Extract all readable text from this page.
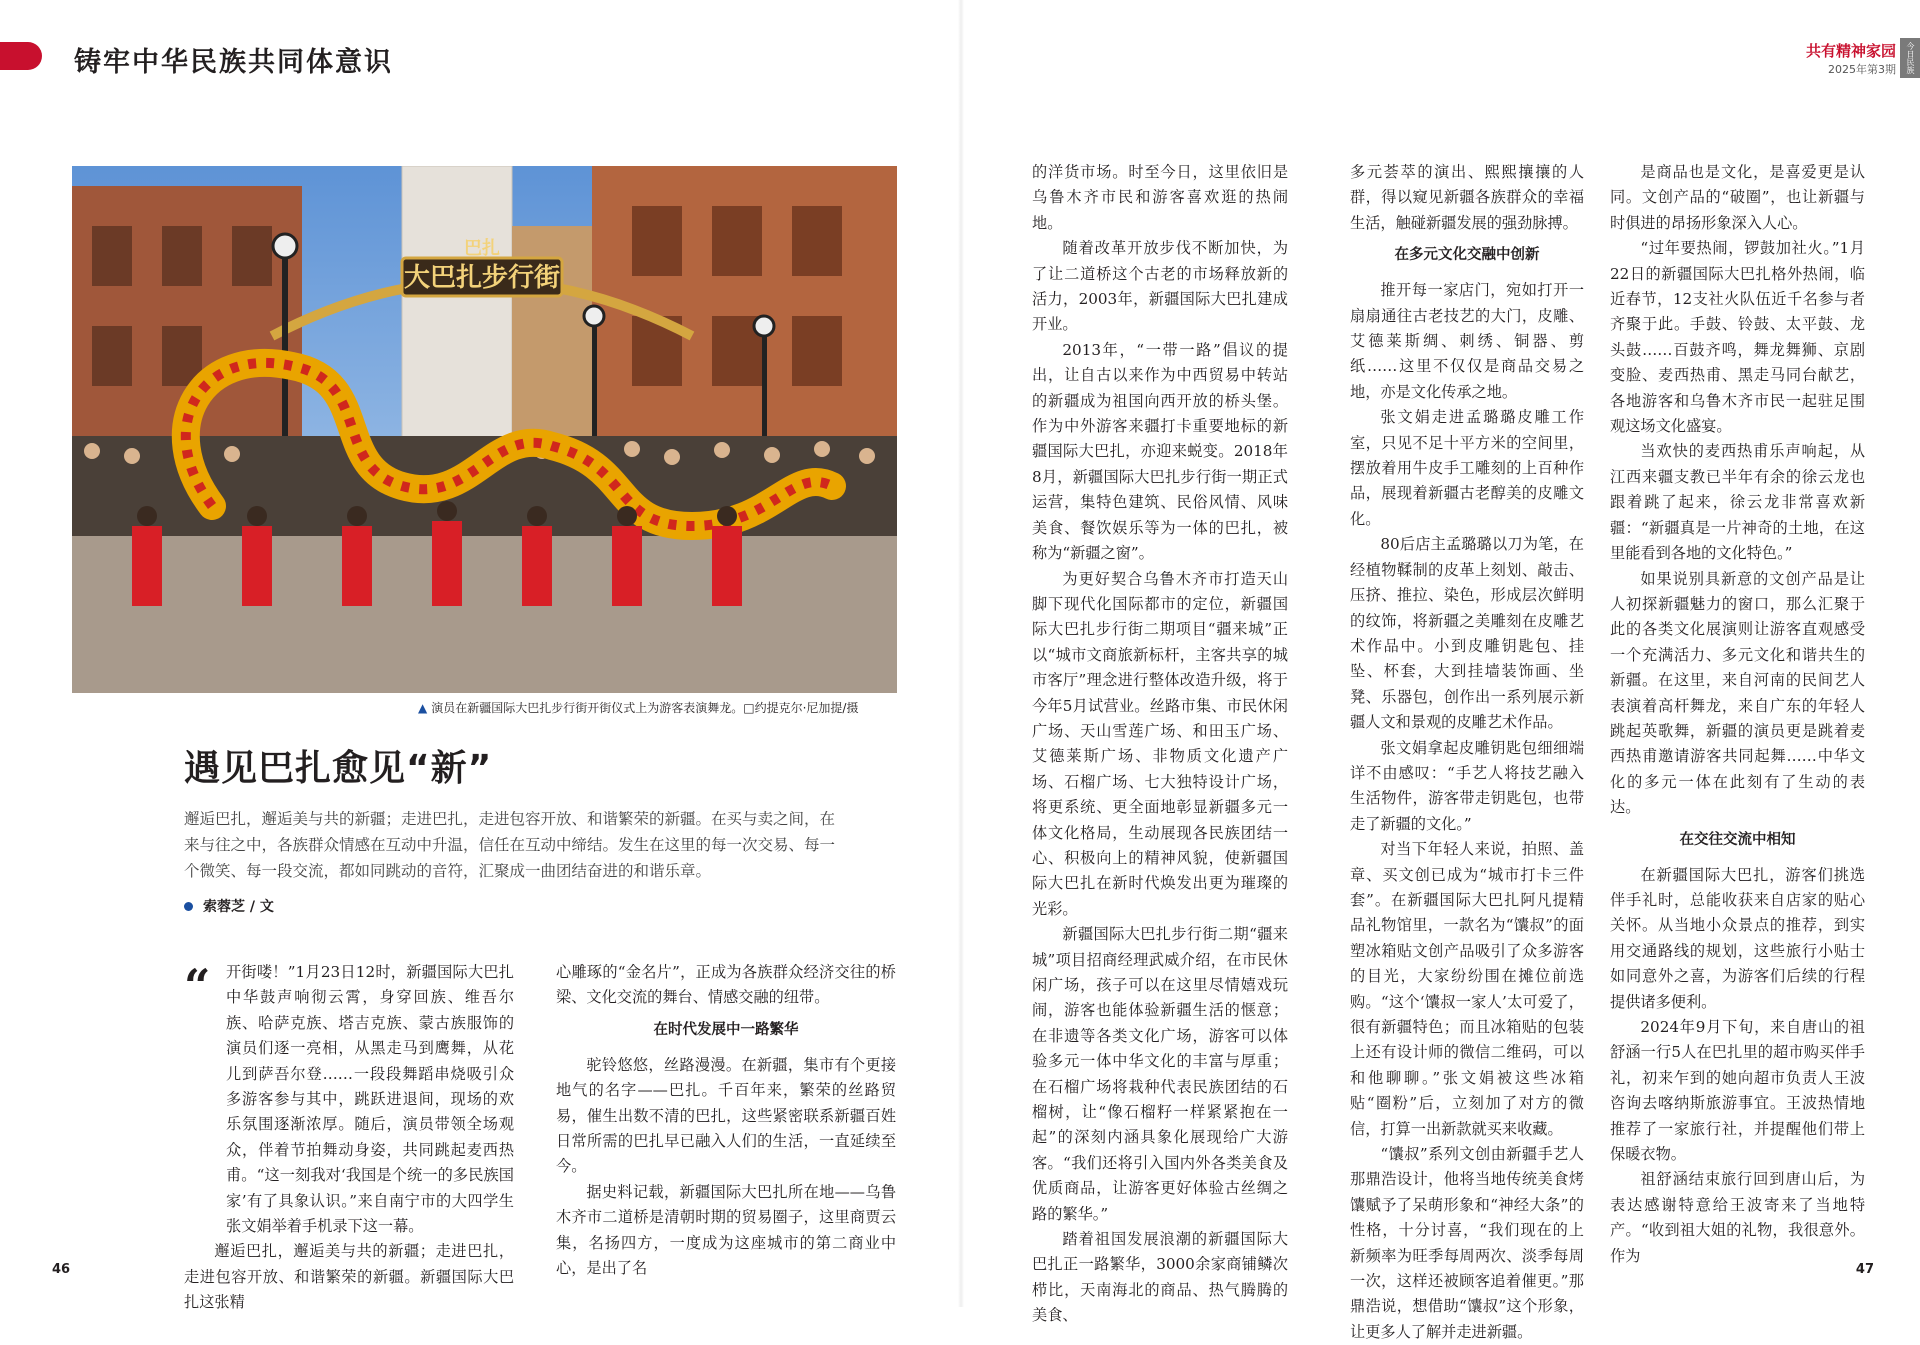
铸牢中华民族共同体意识	共有精神家园
2025年第3期	今日民族
巴扎
大巴扎步行街
▲ 演员在新疆国际大巴扎步行街开街仪式上为游客表演舞龙。□约提克尔·尼加提/摄
遇见巴扎愈见“新”
邂逅巴扎，邂逅美与共的新疆；走进巴扎，走进包容开放、和谐繁荣的新疆。在买与卖之间，在来与往之中，各族群众情感在互动中升温，信任在互动中缔结。发生在这里的每一次交易、每一个微笑、每一段交流，都如同跳动的音符，汇聚成一曲团结奋进的和谐乐章。
索蓉芝 / 文
“	开街喽！”1月23日12时，新疆国际大巴扎中华鼓声响彻云霄，身穿回族、维吾尔族、哈萨克族、塔吉克族、蒙古族服饰的演员们逐一亮相，从黑走马到鹰舞，从花儿到萨吾尔登……一段段舞蹈串烧吸引众多游客参与其中，跳跃进退间，现场的欢乐氛围逐渐浓厚。随后，演员带领全场观众，伴着节拍舞动身姿，共同跳起麦西热甫。“这一刻我对‘我国是个统一的多民族国家’有了具象认识。”来自南宁市的大四学生张文娟举着手机录下这一幕。

邂逅巴扎，邂逅美与共的新疆；走进巴扎，走进包容开放、和谐繁荣的新疆。新疆国际大巴扎这张精

心雕琢的“金名片”，正成为各族群众经济交往的桥梁、文化交流的舞台、情感交融的纽带。

在时代发展中一路繁华

驼铃悠悠，丝路漫漫。在新疆，集市有个更接地气的名字——巴扎。千百年来，繁荣的丝路贸易，催生出数不清的巴扎，这些紧密联系新疆百姓日常所需的巴扎早已融入人们的生活，一直延续至今。

据史料记载，新疆国际大巴扎所在地——乌鲁木齐市二道桥是清朝时期的贸易圈子，这里商贾云集，名扬四方，一度成为这座城市的第二商业中心，是出了名

的洋货市场。时至今日，这里依旧是乌鲁木齐市民和游客喜欢逛的热闹地。

随着改革开放步伐不断加快，为了让二道桥这个古老的市场释放新的活力，2003年，新疆国际大巴扎建成开业。

2013年，“一带一路”倡议的提出，让自古以来作为中西贸易中转站的新疆成为祖国向西开放的桥头堡。作为中外游客来疆打卡重要地标的新疆国际大巴扎，亦迎来蜕变。2018年8月，新疆国际大巴扎步行街一期正式运营，集特色建筑、民俗风情、风味美食、餐饮娱乐等为一体的巴扎，被称为“新疆之窗”。

为更好契合乌鲁木齐市打造天山脚下现代化国际都市的定位，新疆国际大巴扎步行街二期项目“疆来城”正以“城市文商旅新标杆，主客共享的城市客厅”理念进行整体改造升级，将于今年5月试营业。丝路市集、市民休闲广场、天山雪莲广场、和田玉广场、艾德莱斯广场、非物质文化遗产广场、石榴广场、七大独特设计广场，将更系统、更全面地彰显新疆多元一体文化格局，生动展现各民族团结一心、积极向上的精神风貌，使新疆国际大巴扎在新时代焕发出更为璀璨的光彩。

新疆国际大巴扎步行街二期“疆来城”项目招商经理武威介绍，在市民休闲广场，孩子可以在这里尽情嬉戏玩闹，游客也能体验新疆生活的惬意；在非遗等各类文化广场，游客可以体验多元一体中华文化的丰富与厚重；在石榴广场将栽种代表民族团结的石榴树，让“像石榴籽一样紧紧抱在一起”的深刻内涵具象化展现给广大游客。“我们还将引入国内外各类美食及优质商品，让游客更好体验古丝绸之路的繁华。”

踏着祖国发展浪潮的新疆国际大巴扎正一路繁华，3000余家商铺鳞次栉比，天南海北的商品、热气腾腾的美食、

多元荟萃的演出、熙熙攘攘的人群，得以窥见新疆各族群众的幸福生活，触碰新疆发展的强劲脉搏。

在多元文化交融中创新

推开每一家店门，宛如打开一扇扇通往古老技艺的大门，皮雕、艾德莱斯绸、刺绣、铜器、剪纸……这里不仅仅是商品交易之地，亦是文化传承之地。

张文娟走进孟璐璐皮雕工作室，只见不足十平方米的空间里，摆放着用牛皮手工雕刻的上百种作品，展现着新疆古老醇美的皮雕文化。

80后店主孟璐璐以刀为笔，在经植物鞣制的皮革上刻划、敲击、压挤、推拉、染色，形成层次鲜明的纹饰，将新疆之美雕刻在皮雕艺术作品中。小到皮雕钥匙包、挂坠、杯套，大到挂墙装饰画、坐凳、乐器包，创作出一系列展示新疆人文和景观的皮雕艺术作品。

张文娟拿起皮雕钥匙包细细端详不由感叹：“手艺人将技艺融入生活物件，游客带走钥匙包，也带走了新疆的文化。”

对当下年轻人来说，拍照、盖章、买文创已成为“城市打卡三件套”。在新疆国际大巴扎阿凡提精品礼物馆里，一款名为“馕叔”的面塑冰箱贴文创产品吸引了众多游客的目光，大家纷纷围在摊位前选购。“这个‘馕叔一家人’太可爱了，很有新疆特色；而且冰箱贴的包装上还有设计师的微信二维码，可以和他聊聊。”张文娟被这些冰箱贴“圈粉”后，立刻加了对方的微信，打算一出新款就买来收藏。

“馕叔”系列文创由新疆手艺人那鼎浩设计，他将当地传统美食烤馕赋予了呆萌形象和“神经大条”的性格，十分讨喜，“我们现在的上新频率为旺季每周两次、淡季每周一次，这样还被顾客追着催更。”那鼎浩说，想借助“馕叔”这个形象，让更多人了解并走进新疆。

是商品也是文化，是喜爱更是认同。文创产品的“破圈”，也让新疆与时俱进的昂扬形象深入人心。

“过年要热闹，锣鼓加社火。”1月22日的新疆国际大巴扎格外热闹，临近春节，12支社火队伍近千名参与者齐聚于此。手鼓、铃鼓、太平鼓、龙头鼓……百鼓齐鸣，舞龙舞狮、京剧变脸、麦西热甫、黑走马同台献艺，各地游客和乌鲁木齐市民一起驻足围观这场文化盛宴。

当欢快的麦西热甫乐声响起，从江西来疆支教已半年有余的徐云龙也跟着跳了起来，徐云龙非常喜欢新疆：“新疆真是一片神奇的土地，在这里能看到各地的文化特色。”

如果说别具新意的文创产品是让人初探新疆魅力的窗口，那么汇聚于此的各类文化展演则让游客直观感受一个充满活力、多元文化和谐共生的新疆。在这里，来自河南的民间艺人表演着高杆舞龙，来自广东的年轻人跳起英歌舞，新疆的演员更是跳着麦西热甫邀请游客共同起舞……中华文化的多元一体在此刻有了生动的表达。

在交往交流中相知

在新疆国际大巴扎，游客们挑选伴手礼时，总能收获来自店家的贴心关怀。从当地小众景点的推荐，到实用交通路线的规划，这些旅行小贴士如同意外之喜，为游客们后续的行程提供诸多便利。

2024年9月下旬，来自唐山的祖舒涵一行5人在巴扎里的超市购买伴手礼，初来乍到的她向超市负责人王波咨询去喀纳斯旅游事宜。王波热情地推荐了一家旅行社，并提醒他们带上保暖衣物。

祖舒涵结束旅行回到唐山后，为表达感谢特意给王波寄来了当地特产。“收到祖大姐的礼物，我很意外。作为

46	47
